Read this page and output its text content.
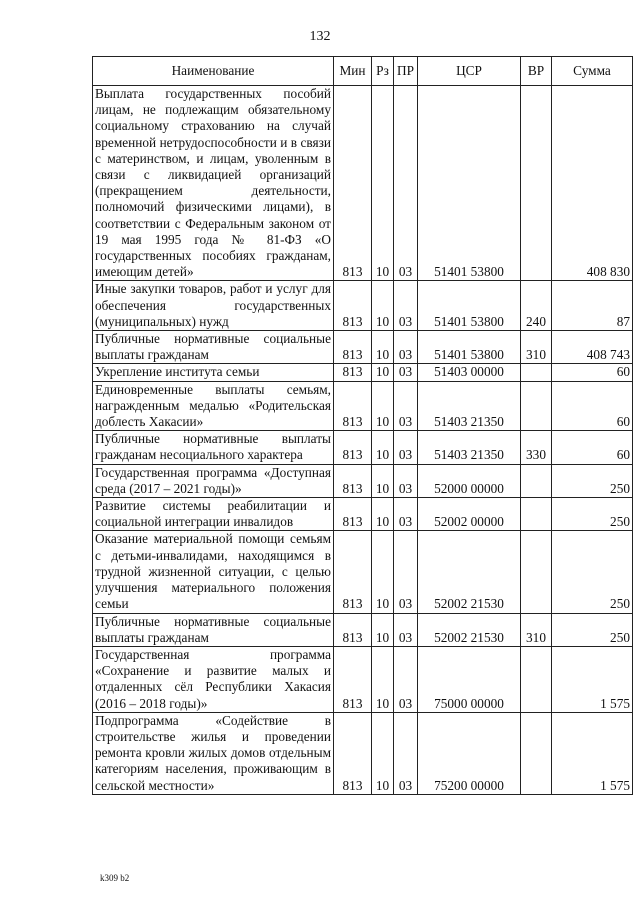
132
Наименование	Мин	Рз	ПР	ЦСР	ВР	Сумма
Выплата государственных пособий лицам, не подлежащим обязательному социальному страхованию на случай временной нетрудоспособности и в связи с материнством, и лицам, уволенным в связи с ликвидацией организаций (прекращением деятельности, полномочий физическими лицами), в соответствии с Федеральным законом от 19 мая 1995 года № 81-ФЗ «О государственных пособиях гражданам, имеющим детей»	813	10	03	51401 53800		408 830
Иные закупки товаров, работ и услуг для обеспечения государственных (муниципальных) нужд	813	10	03	51401 53800	240	87
Публичные нормативные социальные выплаты гражданам	813	10	03	51401 53800	310	408 743
Укрепление института семьи	813	10	03	51403 00000		60
Единовременные выплаты семьям, награжденным медалью «Родительская доблесть Хакасии»	813	10	03	51403 21350		60
Публичные нормативные выплаты гражданам несоциального характера	813	10	03	51403 21350	330	60
Государственная программа «Доступная среда (2017 – 2021 годы)»	813	10	03	52000 00000		250
Развитие системы реабилитации и социальной интеграции инвалидов	813	10	03	52002 00000		250
Оказание материальной помощи семьям с детьми-инвалидами, находящимся в трудной жизненной ситуации, с целью улучшения материального положения семьи	813	10	03	52002 21530		250
Публичные нормативные социальные выплаты гражданам	813	10	03	52002 21530	310	250
Государственная программа «Сохранение и развитие малых и отдаленных сёл Республики Хакасия (2016 – 2018 годы)»	813	10	03	75000 00000		1 575
Подпрограмма «Содействие в строительстве жилья и проведении ремонта кровли жилых домов отдельным категориям населения, проживающим в сельской местности»	813	10	03	75200 00000		1 575
k309 b2
